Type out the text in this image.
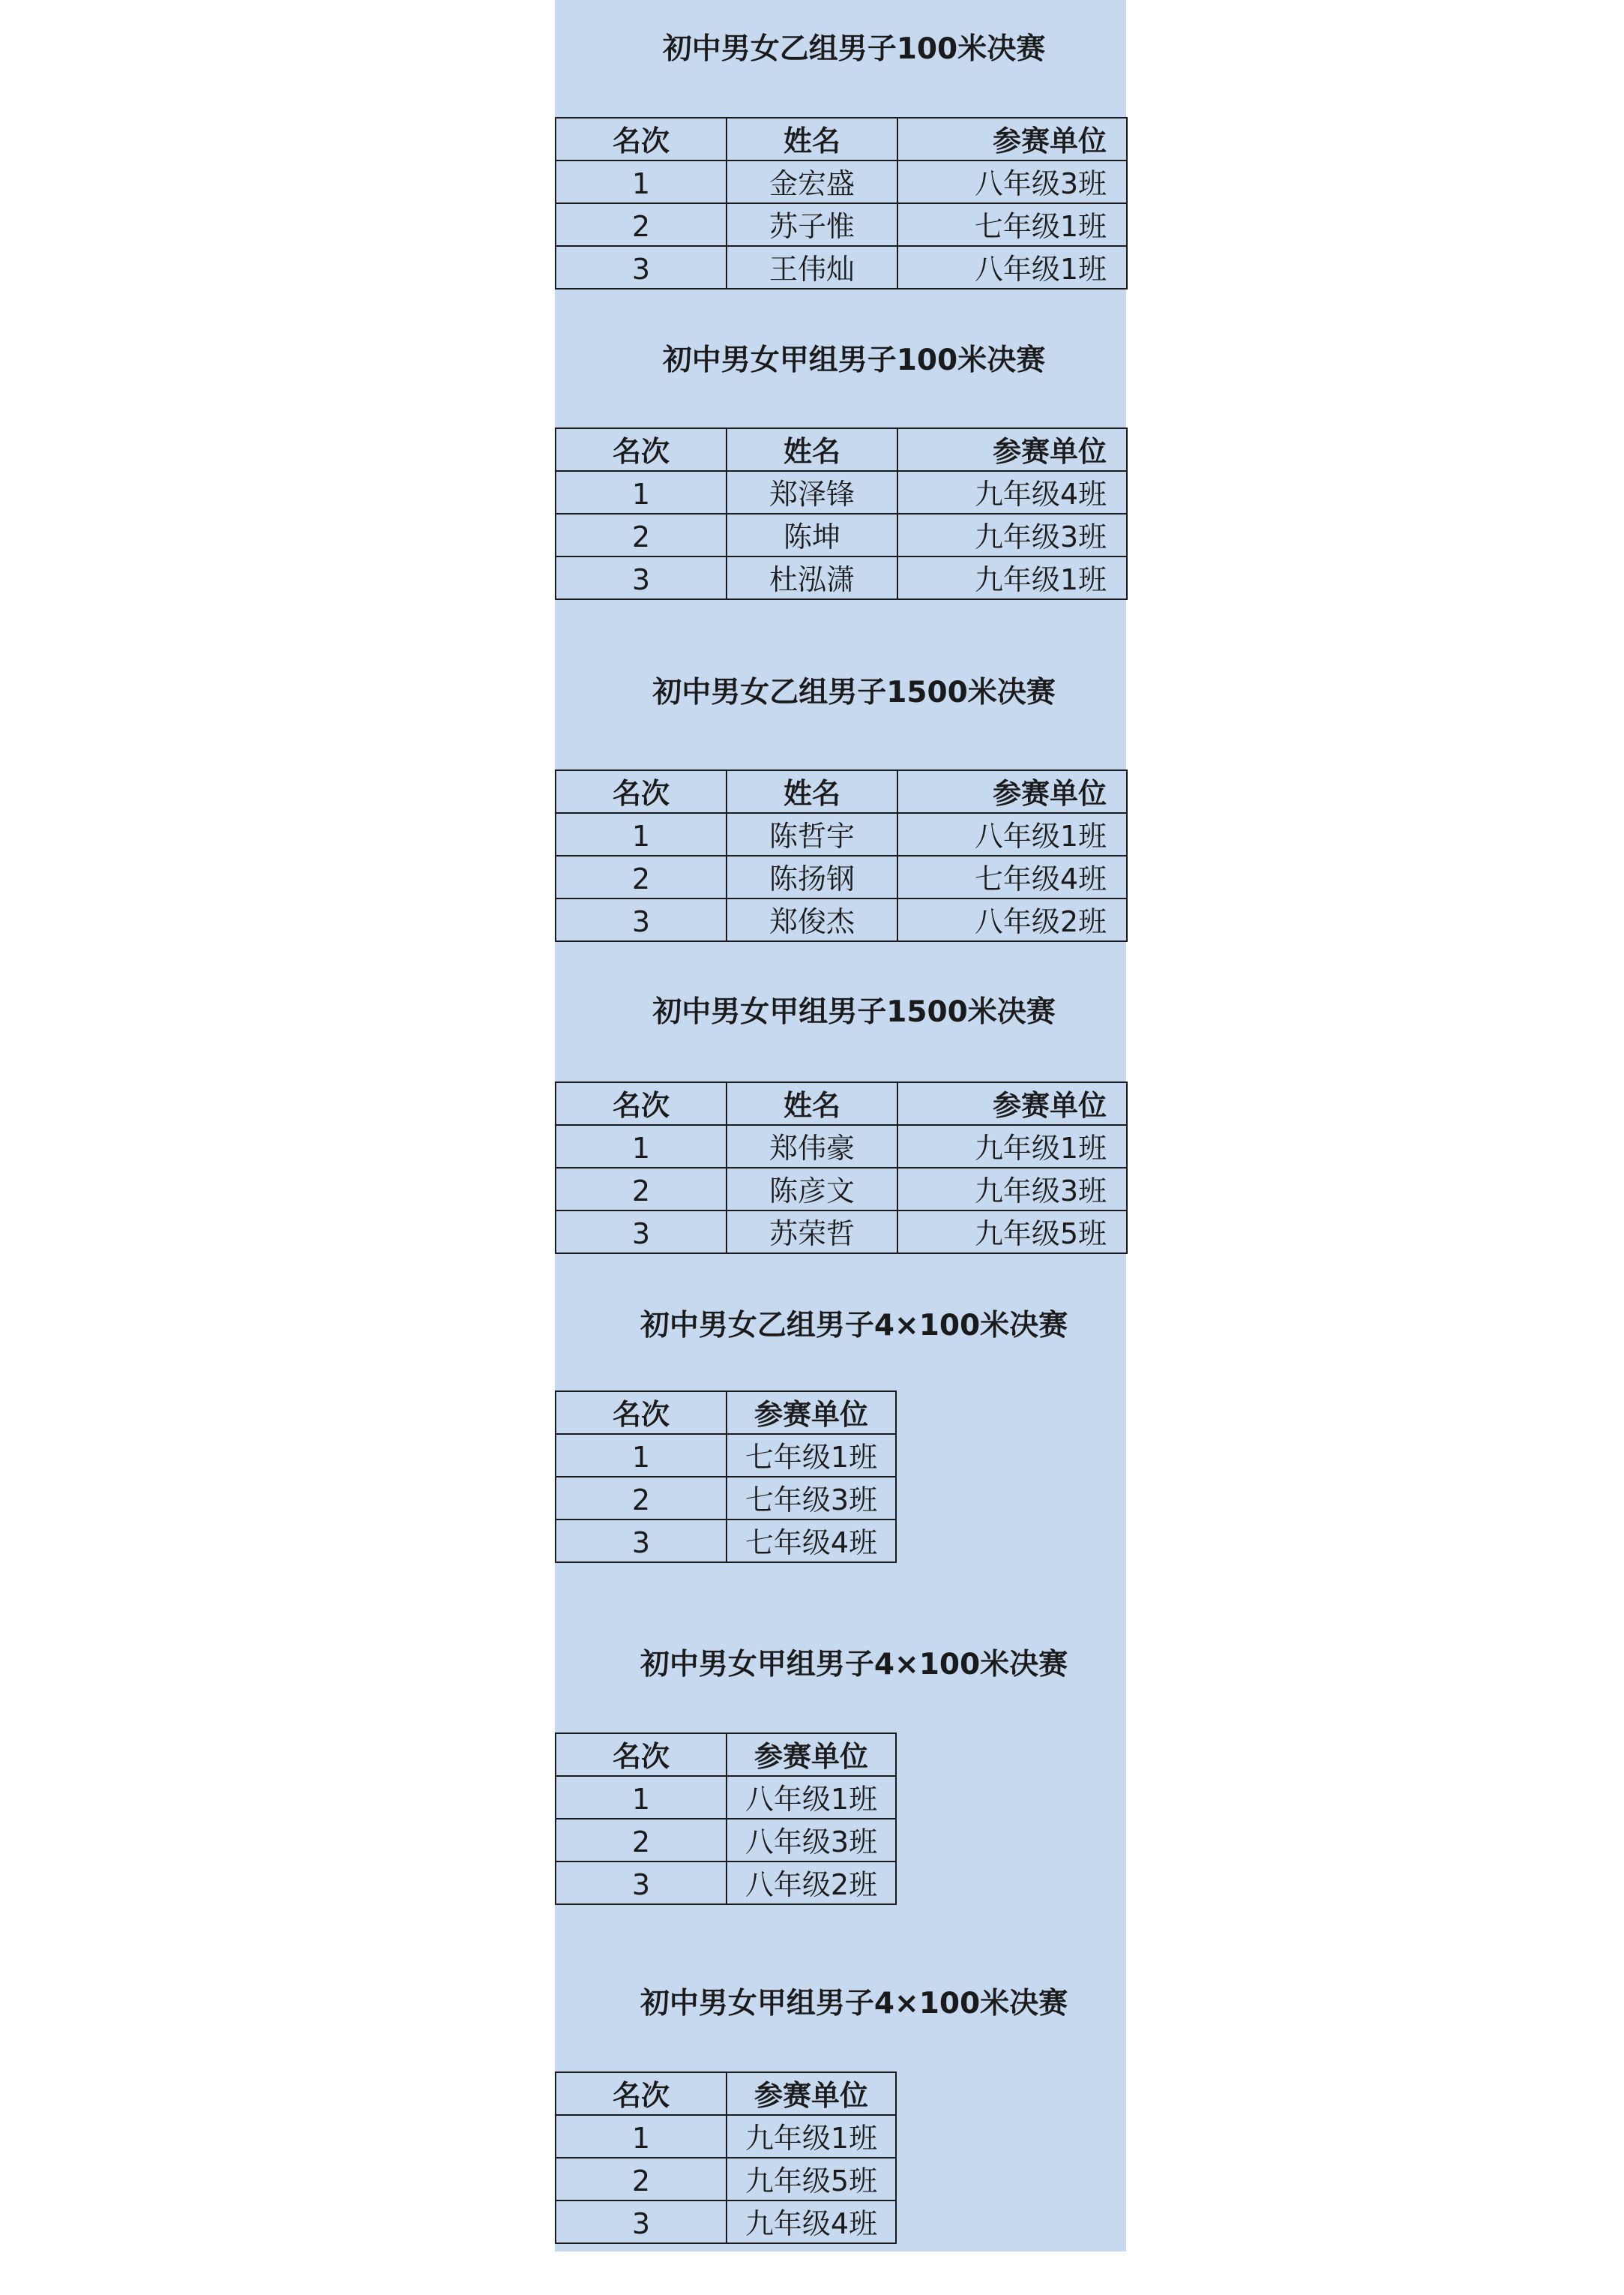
初中男女乙组男子100米决赛
名次	姓名	参赛单位
1	金宏盛	八年级3班
2	苏子惟	七年级1班
3	王伟灿	八年级1班
初中男女甲组男子100米决赛
名次	姓名	参赛单位
1	郑泽锋	九年级4班
2	陈坤	九年级3班
3	杜泓潇	九年级1班
初中男女乙组男子1500米决赛
名次	姓名	参赛单位
1	陈哲宇	八年级1班
2	陈扬钢	七年级4班
3	郑俊杰	八年级2班
初中男女甲组男子1500米决赛
名次	姓名	参赛单位
1	郑伟豪	九年级1班
2	陈彦文	九年级3班
3	苏荣哲	九年级5班
初中男女乙组男子4×100米决赛
名次	参赛单位
1	七年级1班
2	七年级3班
3	七年级4班
初中男女甲组男子4×100米决赛
名次	参赛单位
1	八年级1班
2	八年级3班
3	八年级2班
初中男女甲组男子4×100米决赛
名次	参赛单位
1	九年级1班
2	九年级5班
3	九年级4班
